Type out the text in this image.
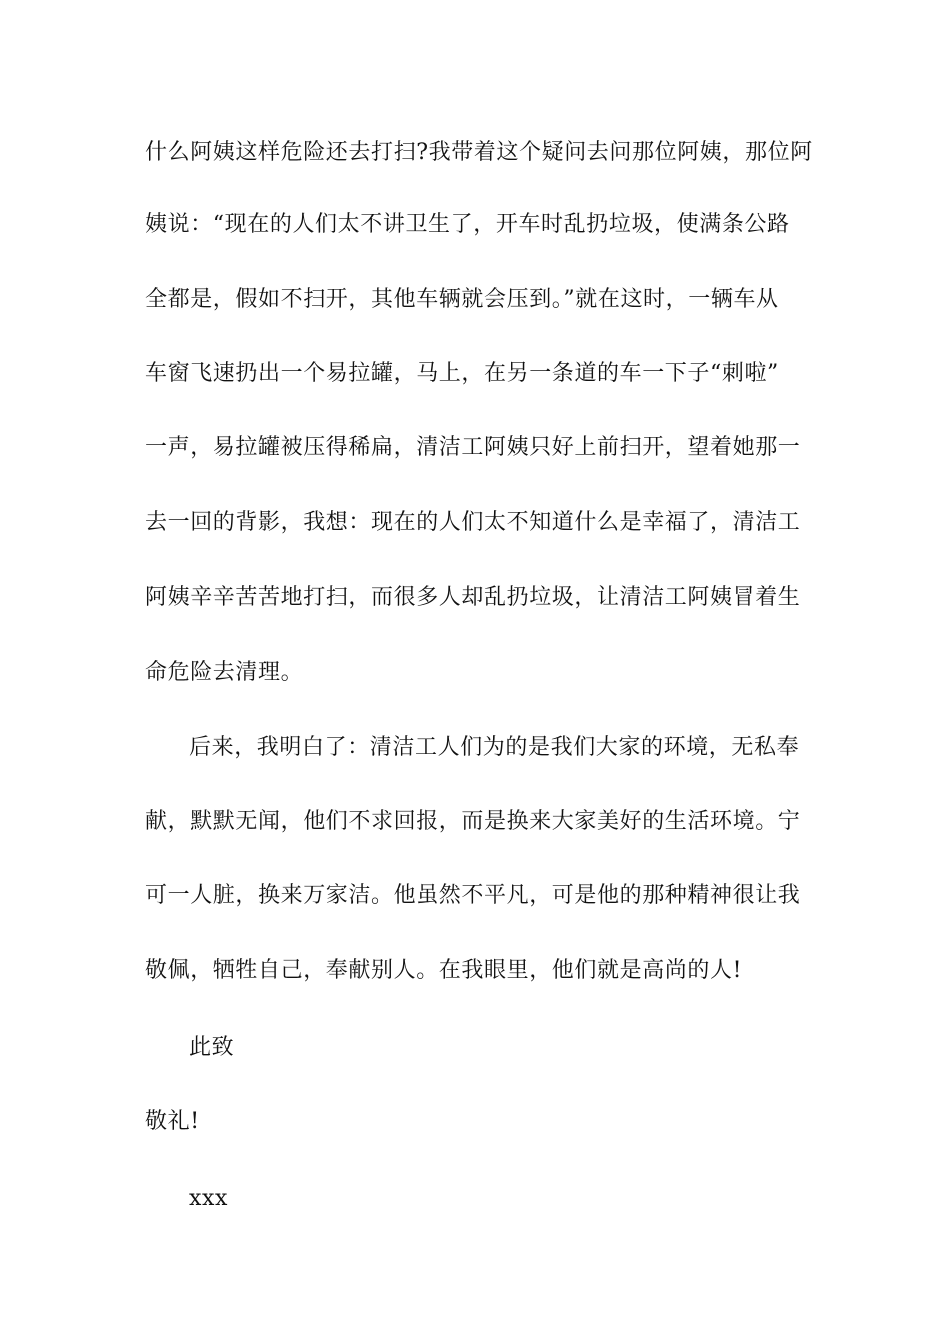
什么阿姨这样危险还去打扫?我带着这个疑问去问那位阿姨，那位阿
姨说：“现在的人们太不讲卫生了，开车时乱扔垃圾，使满条公路
全都是，假如不扫开，其他车辆就会压到。”就在这时，一辆车从
车窗飞速扔出一个易拉罐，马上，在另一条道的车一下子“刺啦”
一声，易拉罐被压得稀扁，清洁工阿姨只好上前扫开，望着她那一
去一回的背影，我想：现在的人们太不知道什么是幸福了，清洁工
阿姨辛辛苦苦地打扫，而很多人却乱扔垃圾，让清洁工阿姨冒着生
命危险去清理。
后来，我明白了：清洁工人们为的是我们大家的环境，无私奉
献，默默无闻，他们不求回报，而是换来大家美好的生活环境。宁
可一人脏，换来万家洁。他虽然不平凡，可是他的那种精神很让我
敬佩，牺牲自己，奉献别人。在我眼里，他们就是高尚的人!
此致
敬礼!
xxx
